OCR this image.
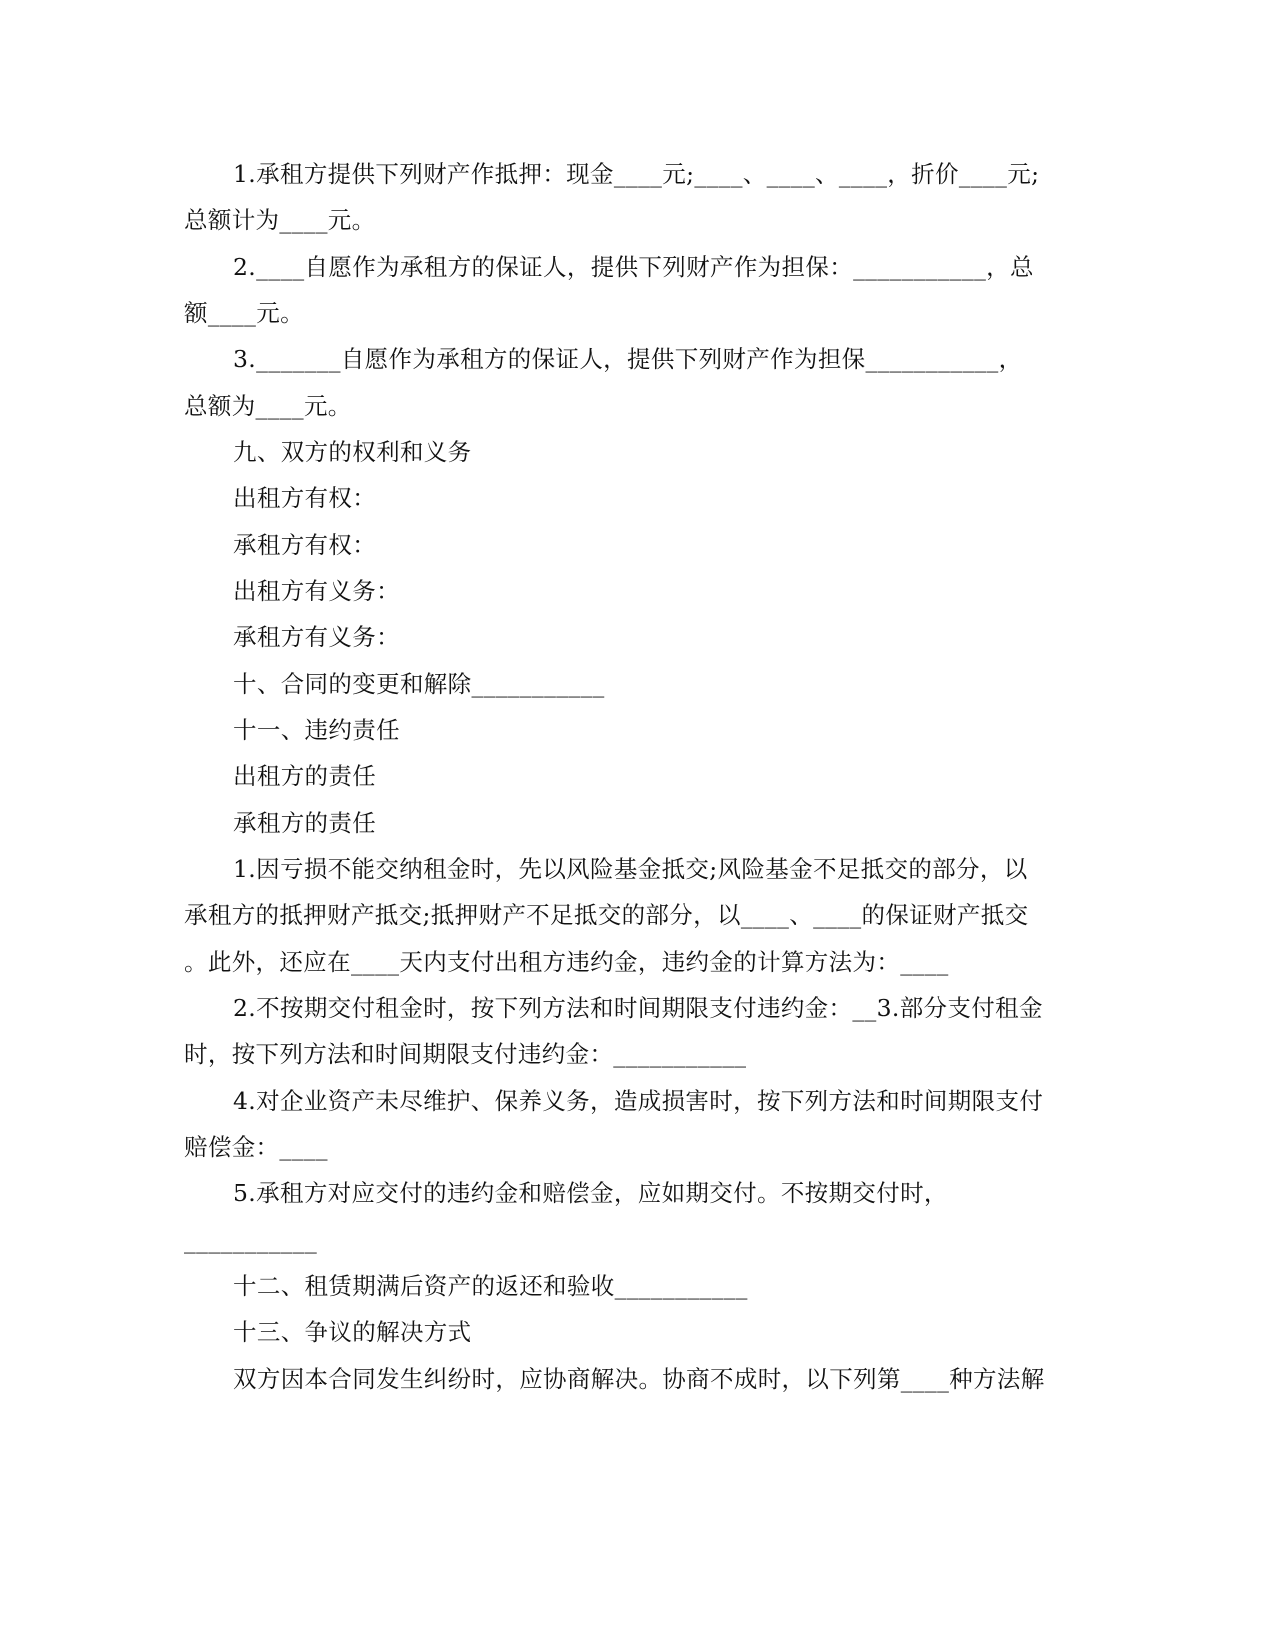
1.承租方提供下列财产作抵押：现金____元;____、____、____，折价____元;
总额计为____元。
2.____自愿作为承租方的保证人，提供下列财产作为担保：___________，总
额____元。
3._______自愿作为承租方的保证人，提供下列财产作为担保___________，
总额为____元。
九、双方的权利和义务
出租方有权：
承租方有权：
出租方有义务：
承租方有义务：
十、合同的变更和解除___________
十一、违约责任
出租方的责任
承租方的责任
1.因亏损不能交纳租金时，先以风险基金抵交;风险基金不足抵交的部分，以
承租方的抵押财产抵交;抵押财产不足抵交的部分，以____、____的保证财产抵交
。此外，还应在____天内支付出租方违约金，违约金的计算方法为：____
2.不按期交付租金时，按下列方法和时间期限支付违约金：__3.部分支付租金
时，按下列方法和时间期限支付违约金：___________
4.对企业资产未尽维护、保养义务，造成损害时，按下列方法和时间期限支付
赔偿金：____
5.承租方对应交付的违约金和赔偿金，应如期交付。不按期交付时，
___________
十二、租赁期满后资产的返还和验收___________
十三、争议的解决方式
双方因本合同发生纠纷时，应协商解决。协商不成时，以下列第____种方法解
